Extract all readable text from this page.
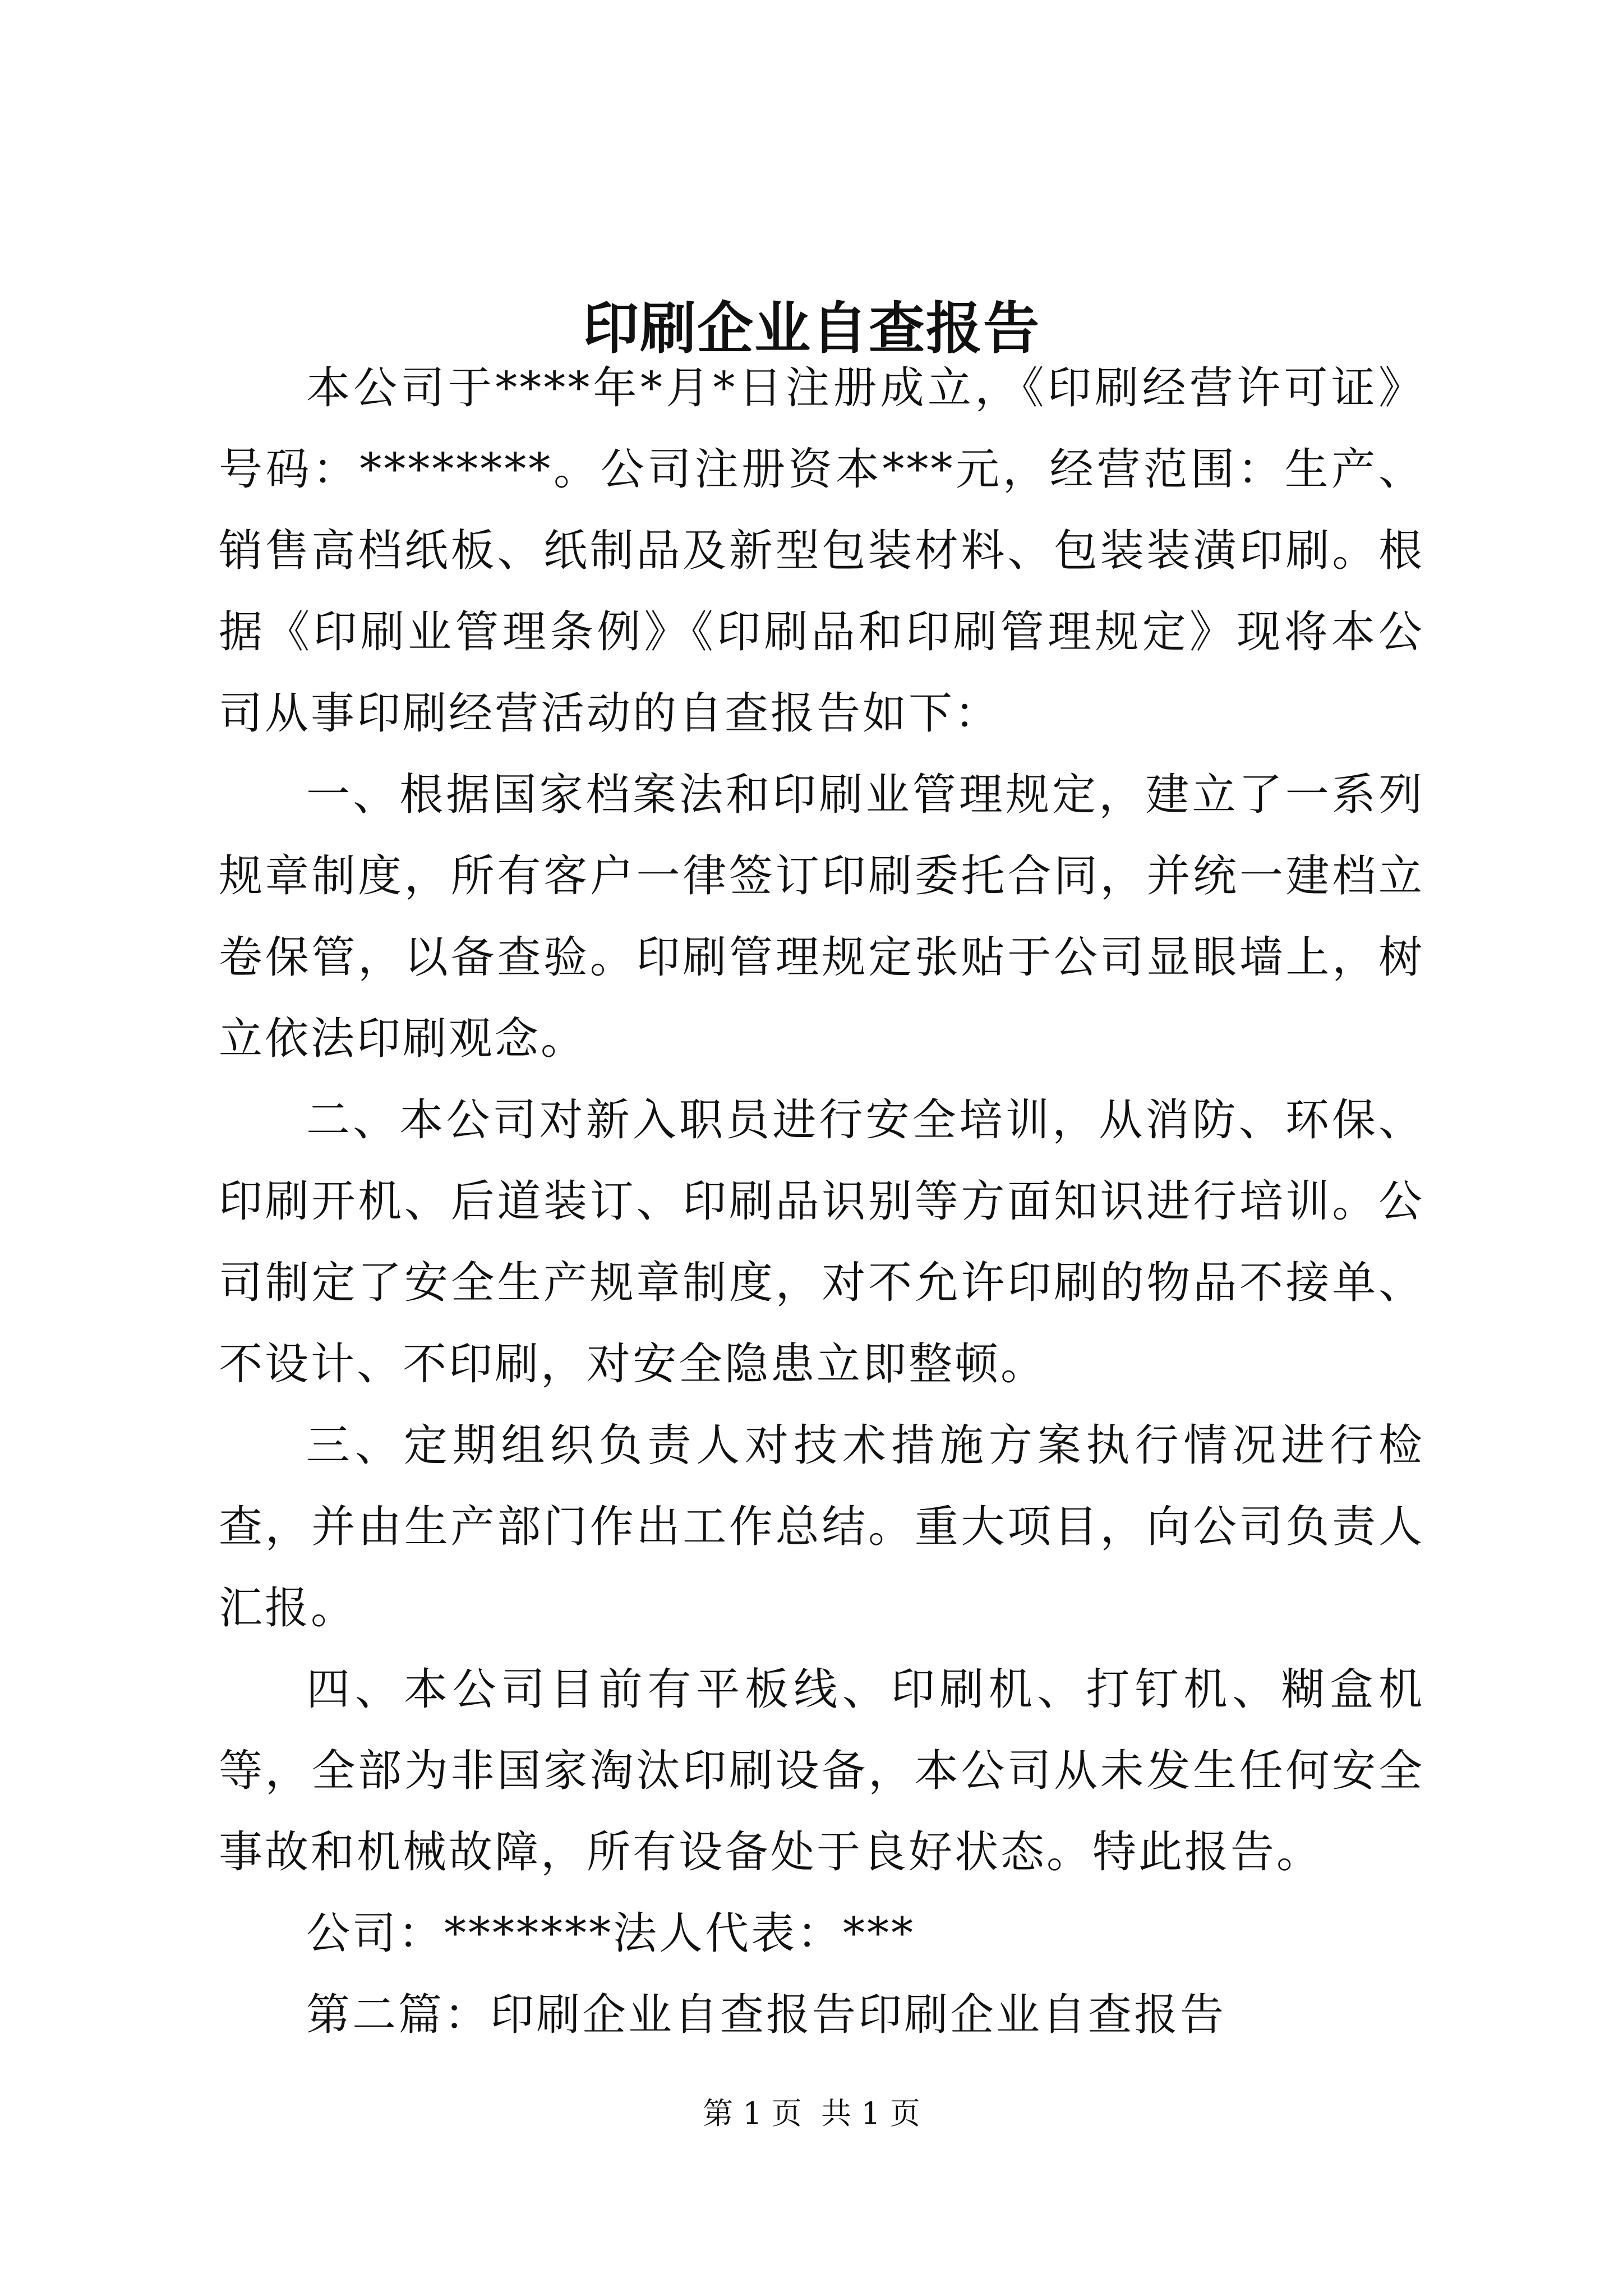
印刷企业自查报告

本公司于****年*月*日注册成立，《印刷经营许可证》号码：********。公司注册资本***元，经营范围：生产、销售高档纸板、纸制品及新型包装材料、包装装潢印刷。根据《印刷业管理条例》《印刷品和印刷管理规定》现将本公司从事印刷经营活动的自查报告如下：

一、根据国家档案法和印刷业管理规定，建立了一系列规章制度，所有客户一律签订印刷委托合同，并统一建档立卷保管，以备查验。印刷管理规定张贴于公司显眼墙上，树立依法印刷观念。

二、本公司对新入职员进行安全培训，从消防、环保、印刷开机、后道装订、印刷品识别等方面知识进行培训。公司制定了安全生产规章制度，对不允许印刷的物品不接单、不设计、不印刷，对安全隐患立即整顿。

三、定期组织负责人对技术措施方案执行情况进行检查，并由生产部门作出工作总结。重大项目，向公司负责人汇报。

四、本公司目前有平板线、印刷机、打钉机、糊盒机等，全部为非国家淘汰印刷设备，本公司从未发生任何安全事故和机械故障，所有设备处于良好状态。特此报告。

公司：*******法人代表：***

第二篇：印刷企业自查报告印刷企业自查报告

第 1 页 共 1 页
